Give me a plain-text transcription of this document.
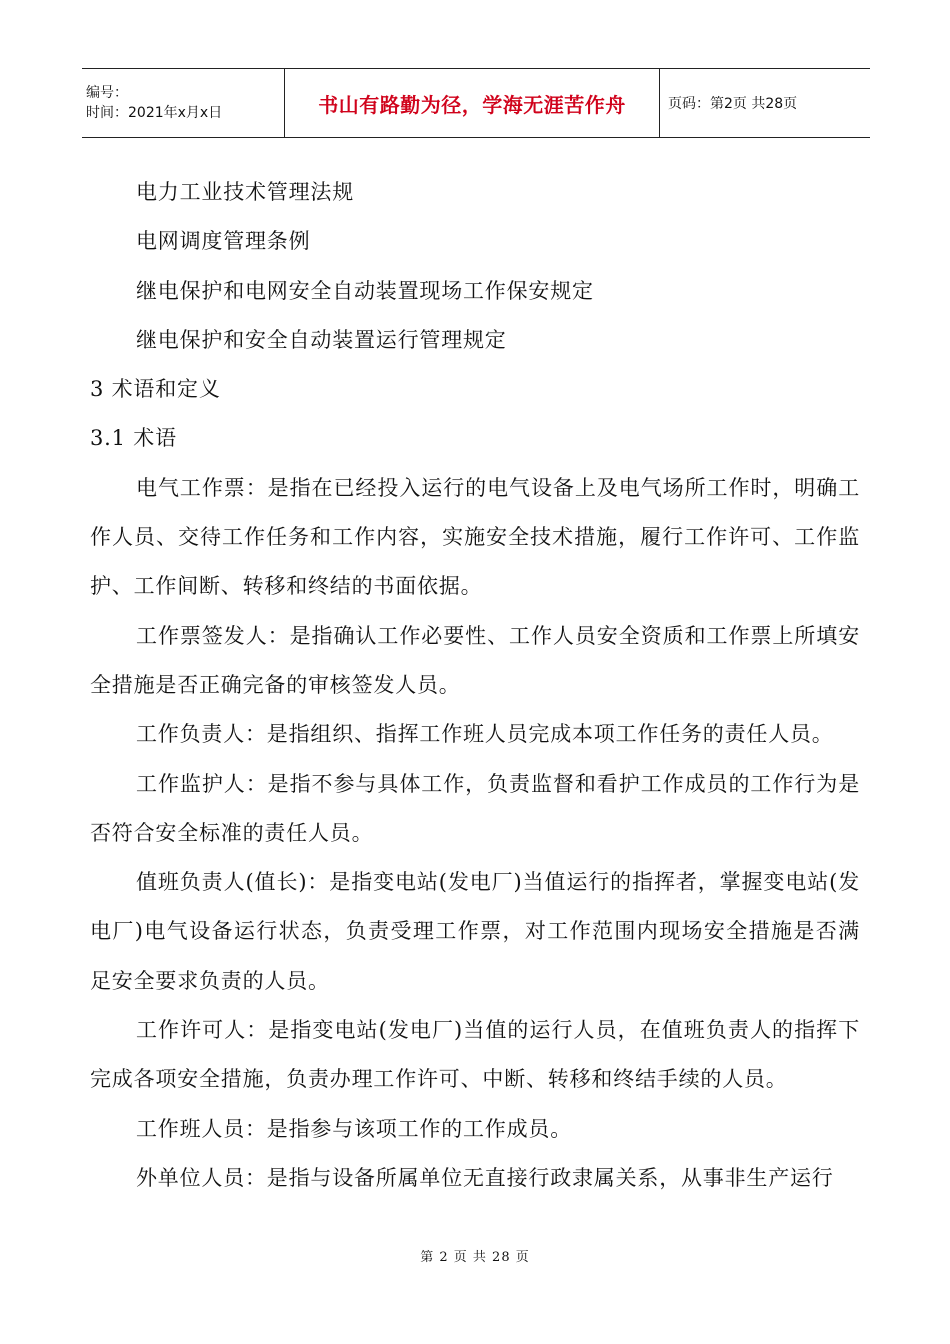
编号：
时间：2021年x月x日	书山有路勤为径，学海无涯苦作舟	页码：第2页 共28页

电力工业技术管理法规

电网调度管理条例

继电保护和电网安全自动装置现场工作保安规定

继电保护和安全自动装置运行管理规定

3 术语和定义

3.1 术语

电气工作票：是指在已经投入运行的电气设备上及电气场所工作时，明确工作人员、交待工作任务和工作内容，实施安全技术措施，履行工作许可、工作监护、工作间断、转移和终结的书面依据。

工作票签发人：是指确认工作必要性、工作人员安全资质和工作票上所填安全措施是否正确完备的审核签发人员。

工作负责人：是指组织、指挥工作班人员完成本项工作任务的责任人员。

工作监护人：是指不参与具体工作，负责监督和看护工作成员的工作行为是否符合安全标准的责任人员。

值班负责人(值长)：是指变电站(发电厂)当值运行的指挥者，掌握变电站(发电厂)电气设备运行状态，负责受理工作票，对工作范围内现场安全措施是否满足安全要求负责的人员。

工作许可人：是指变电站(发电厂)当值的运行人员，在值班负责人的指挥下完成各项安全措施，负责办理工作许可、中断、转移和终结手续的人员。

工作班人员：是指参与该项工作的工作成员。

外单位人员：是指与设备所属单位无直接行政隶属关系，从事非生产运行

第 2 页 共 28 页
